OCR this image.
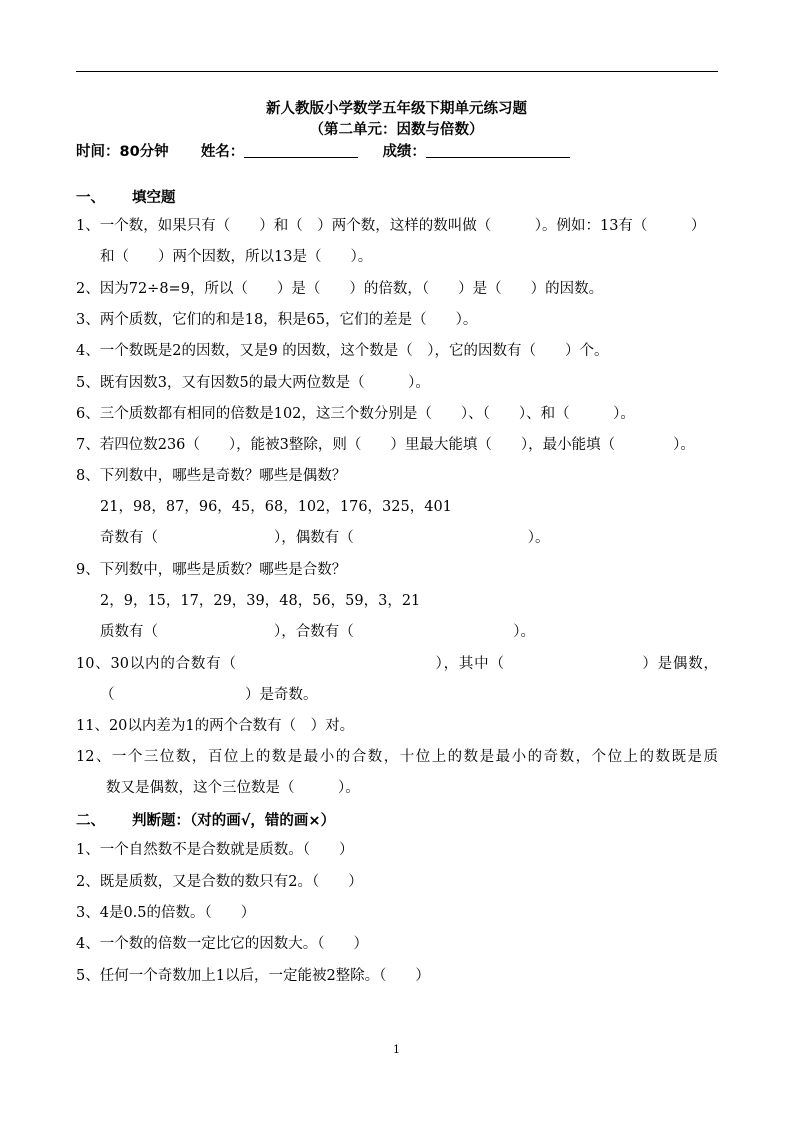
新人教版小学数学五年级下期单元练习题
（第二单元：因数与倍数）
时间：80分钟 姓名：	成绩：
一、 填空题
1、一个数，如果只有（　　）和（　）两个数，这样的数叫做（　　　）。例如：13有（　　　）
和（　　）两个因数，所以13是（　　）。
2、因为72÷8=9，所以（　　）是（　　）的倍数，（　　）是（　　）的因数。
3、两个质数，它们的和是18，积是65，它们的差是（　　）。
4、一个数既是2的因数，又是9 的因数，这个数是（　），它的因数有（　　）个。
5、既有因数3，又有因数5的最大两位数是（　　　）。
6、三个质数都有相同的倍数是102，这三个数分别是（　　）、（　　）、和（　　　）。
7、若四位数236（　　），能被3整除，则（　　）里最大能填（　　），最小能填（　　　　）。
8、下列数中，哪些是奇数？哪些是偶数？
21，98，87，96，45，68，102，176，325，401
奇数有（　　　　　　　　），偶数有（　　　　　　　　　　　　）。
9、下列数中，哪些是质数？哪些是合数？
2，9，15，17，29，39，48，56，59，3，21
质数有（　　　　　　　　），合数有（　　　　　　　　　　　）。
10、30以内的合数有（　　　　　　　　　　　　　），其中（　　　　　　　　　）是偶数，
（　　　　　　　　　）是奇数。
11、20以内差为1的两个合数有（　）对。
12、一个三位数，百位上的数是最小的合数，十位上的数是最小的奇数，个位上的数既是质
数又是偶数，这个三位数是（　　　）。
二、 判断题：（对的画√，错的画×）
1、一个自然数不是合数就是质数。（　　）
2、既是质数，又是合数的数只有2。（　　）
3、4是0.5的倍数。（　　）
4、一个数的倍数一定比它的因数大。（　　）
5、任何一个奇数加上1以后，一定能被2整除。（　　）
1
